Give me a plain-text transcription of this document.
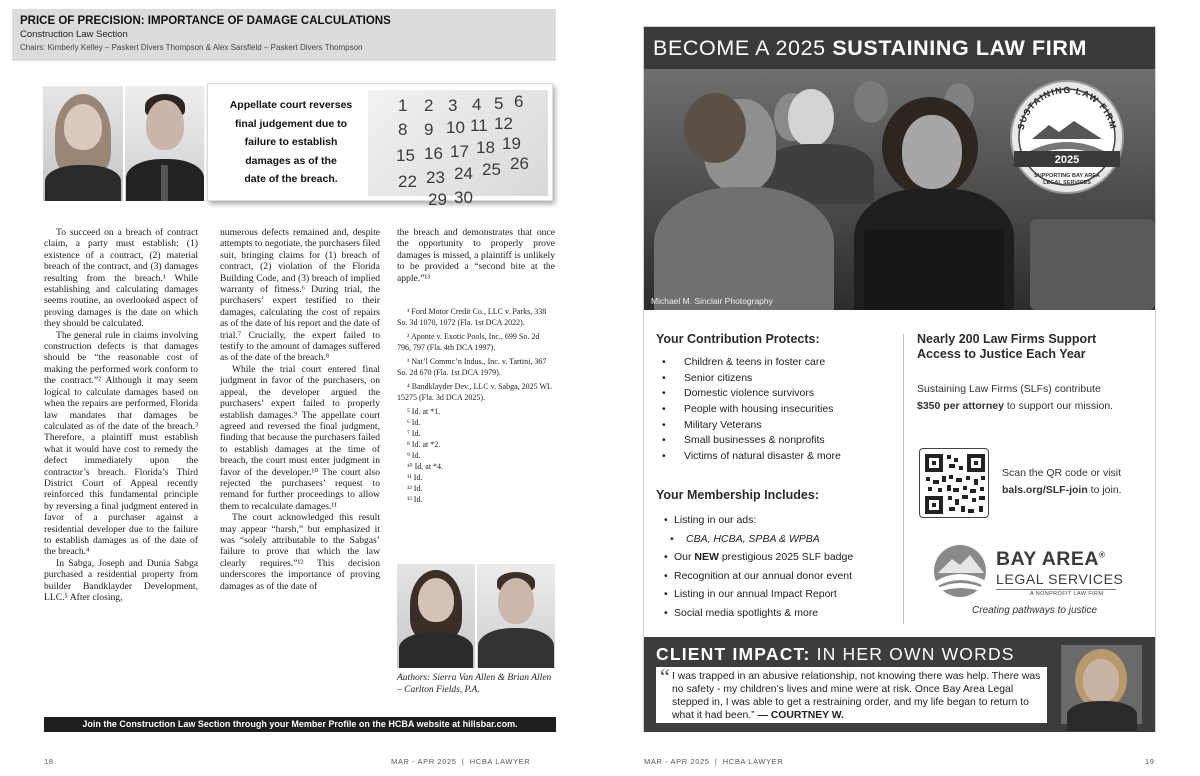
PRICE OF PRECISION: IMPORTANCE OF DAMAGE CALCULATIONS
Construction Law Section
Chairs: Kimberly Kelley – Paskert Divers Thompson & Alex Sarsfield – Paskert Divers Thompson
Appellate court reverses
final judgement due to
failure to establish
damages as of the
date of the breach.
1 2 3 4 5 6
8 9 10 11 12
15 16 17 18 19
22 23 24 25 26
29 30

To succeed on a breach of contract claim, a party must establish: (1) existence of a contract, (2) material breach of the contract, and (3) damages resulting from the breach.¹ While establishing and calculating damages seems routine, an overlooked aspect of proving damages is the date on which they should be calculated.

The general rule in claims involving construction defects is that damages should be “the reasonable cost of making the performed work conform to the contract.”² Although it may seem logical to calculate damages based on when the repairs are performed, Florida law mandates that damages be calculated as of the date of the breach.³ Therefore, a plaintiff must establish what it would have cost to remedy the defect immediately upon the contractor’s breach. Florida’s Third District Court of Appeal recently reinforced this fundamental principle by reversing a final judgment entered in favor of a purchaser against a residential developer due to the failure to establish damages as of the date of the breach.⁴

In Sabga, Joseph and Dunia Sabga purchased a residential property from builder Bandklayder Development, LLC.⁵ After closing,

numerous defects remained and, despite attempts to negotiate, the purchasers filed suit, bringing claims for (1) breach of contract, (2) violation of the Florida Building Code, and (3) breach of implied warranty of fitness.⁶ During trial, the purchasers’ expert testified to their damages, calculating the cost of repairs as of the date of his report and the date of trial.⁷ Crucially, the expert failed to testify to the amount of damages suffered as of the date of the breach.⁸

While the trial court entered final judgment in favor of the purchasers, on appeal, the developer argued the purchasers’ expert failed to properly establish damages.⁹ The appellate court agreed and reversed the final judgment, finding that because the purchasers failed to establish damages at the time of breach, the court must enter judgment in favor of the developer.¹⁰ The court also rejected the purchasers’ request to remand for further proceedings to allow them to recalculate damages.¹¹

The court acknowledged this result may appear “harsh,” but emphasized it was “solely attributable to the Sabgas’ failure to prove that which the law clearly requires.”¹² This decision underscores the importance of proving damages as of the date of

the breach and demonstrates that once the opportunity to properly prove damages is missed, a plaintiff is unlikely to be provided a “second bite at the apple.”¹³

¹ Ford Motor Credit Co., LLC v. Parks, 338 So. 3d 1070, 1072 (Fla. 1st DCA 2022).

² Aponte v. Exotic Pools, Inc., 699 So. 2d 796, 797 (Fla. 4th DCA 1997).

³ Nat’l Commc’n Indus., Inc. v. Tartini, 367 So. 2d 670 (Fla. 1st DCA 1979).

⁴ Bandklayder Dev., LLC v. Sabga, 2025 WL 15275 (Fla. 3d DCA 2025).

⁵ Id. at *1.

⁶ Id.

⁷ Id.

⁸ Id. at *2.

⁹ Id.

¹⁰ Id. at *4.

¹¹ Id.

¹² Id.

¹³ Id.

Authors: Sierra Van Allen & Brian Allen – Carlton Fields, P.A.
Join the Construction Law Section through your Member Profile on the HCBA website at hillsbar.com.
18	MAR - APR 2025  |  HCBA LAWYER
BECOME A 2025 SUSTAINING LAW FIRM
SUSTAINING LAW FIRM
2025
SUPPORTING BAY AREA
LEGAL SERVICES
Michael M. Sinclair Photography
Your Contribution Protects:
• Children & teens in foster care
• Senior citizens
• Domestic violence survivors
• People with housing insecurities
• Military Veterans
• Small businesses & nonprofits
• Victims of natural disaster & more
Your Membership Includes:
• Listing in our ads:
• CBA, HCBA, SPBA & WPBA
• Our NEW prestigious 2025 SLF badge
• Recognition at our annual donor event
• Listing in our annual Impact Report
• Social media spotlights & more
Nearly 200 Law Firms Support
Access to Justice Each Year
Sustaining Law Firms (SLFs) contribute
$350 per attorney to support our mission.
Scan the QR code or visit
bals.org/SLF-join to join.
BAY AREA®
LEGAL SERVICES
A NONPROFIT LAW FIRM
Creating pathways to justice
CLIENT IMPACT: IN HER OWN WORDS
“ I was trapped in an abusive relationship, not knowing there was help. There was no safety - my children’s lives and mine were at risk. Once Bay Area Legal stepped in, I was able to get a restraining order, and my life began to return to what it had been.” — COURTNEY W.
MAR - APR 2025  |  HCBA LAWYER	19
